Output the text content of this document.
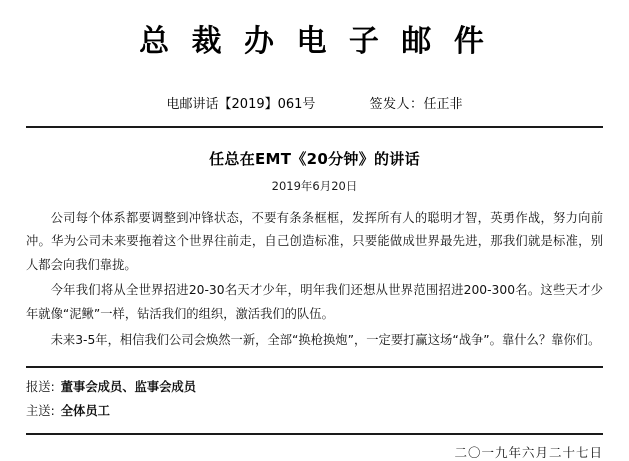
总 裁 办 电 子 邮 件
电邮讲话【2019】061号	签发人：任正非
任总在EMT《20分钟》的讲话
2019年6月20日

公司每个体系都要调整到冲锋状态，不要有条条框框，发挥所有人的聪明才智，英勇作战，努力向前冲。华为公司未来要拖着这个世界往前走，自己创造标准，只要能做成世界最先进，那我们就是标准，别人都会向我们靠拢。

今年我们将从全世界招进20-30名天才少年，明年我们还想从世界范围招进200-300名。这些天才少年就像“泥鳅”一样，钻活我们的组织，激活我们的队伍。

未来3-5年，相信我们公司会焕然一新，全部“换枪换炮”，一定要打赢这场“战争”。靠什么？靠你们。

报送: 董事会成员、监事会成员
主送: 全体员工
二〇一九年六月二十七日
